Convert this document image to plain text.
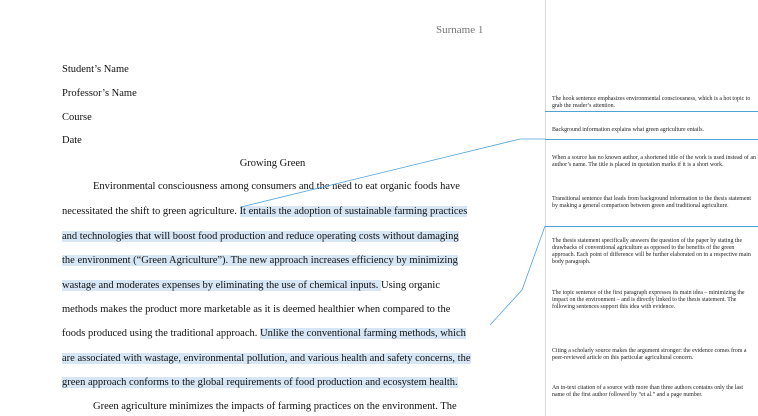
Surname 1
Student’s Name
Professor’s Name
Course
Date
Growing Green
Environmental consciousness among consumers and the need to eat organic foods have
necessitated the shift to green agriculture. It entails the adoption of sustainable farming practices
and technologies that will boost food production and reduce operating costs without damaging
the environment (“Green Agriculture”). The new approach increases efficiency by minimizing
wastage and moderates expenses by eliminating the use of chemical inputs. Using organic
methods makes the product more marketable as it is deemed healthier when compared to the
foods produced using the traditional approach. Unlike the conventional farming methods, which
are associated with wastage, environmental pollution, and various health and safety concerns, the
green approach conforms to the global requirements of food production and ecosystem health.
Green agriculture minimizes the impacts of farming practices on the environment. The
The hook sentence emphasizes environmental consciousness, which is a hot topic to grab the reader’s attention.
Background information explains what green agriculture entails.
When a source has no known author, a shortened title of the work is used instead of an author’s name. The title is placed in quotation marks if it is a short work.
Transitional sentence that leads from background information to the thesis statement by making a general comparison between green and traditional agriculture.
The thesis statement specifically answers the question of the paper by stating the drawbacks of conventional agriculture as opposed to the benefits of the green approach. Each point of difference will be further elaborated on in a respective main body paragraph.
The topic sentence of the first paragraph expresses its main idea – minimizing the impact on the environment – and is directly linked to the thesis statement. The following sentences support this idea with evidence.
Citing a scholarly source makes the argument stronger: the evidence comes from a peer-reviewed article on this particular agricultural concern.
An in-text citation of a source with more than three authors contains only the last name of the first author followed by “et al.” and a page number.
